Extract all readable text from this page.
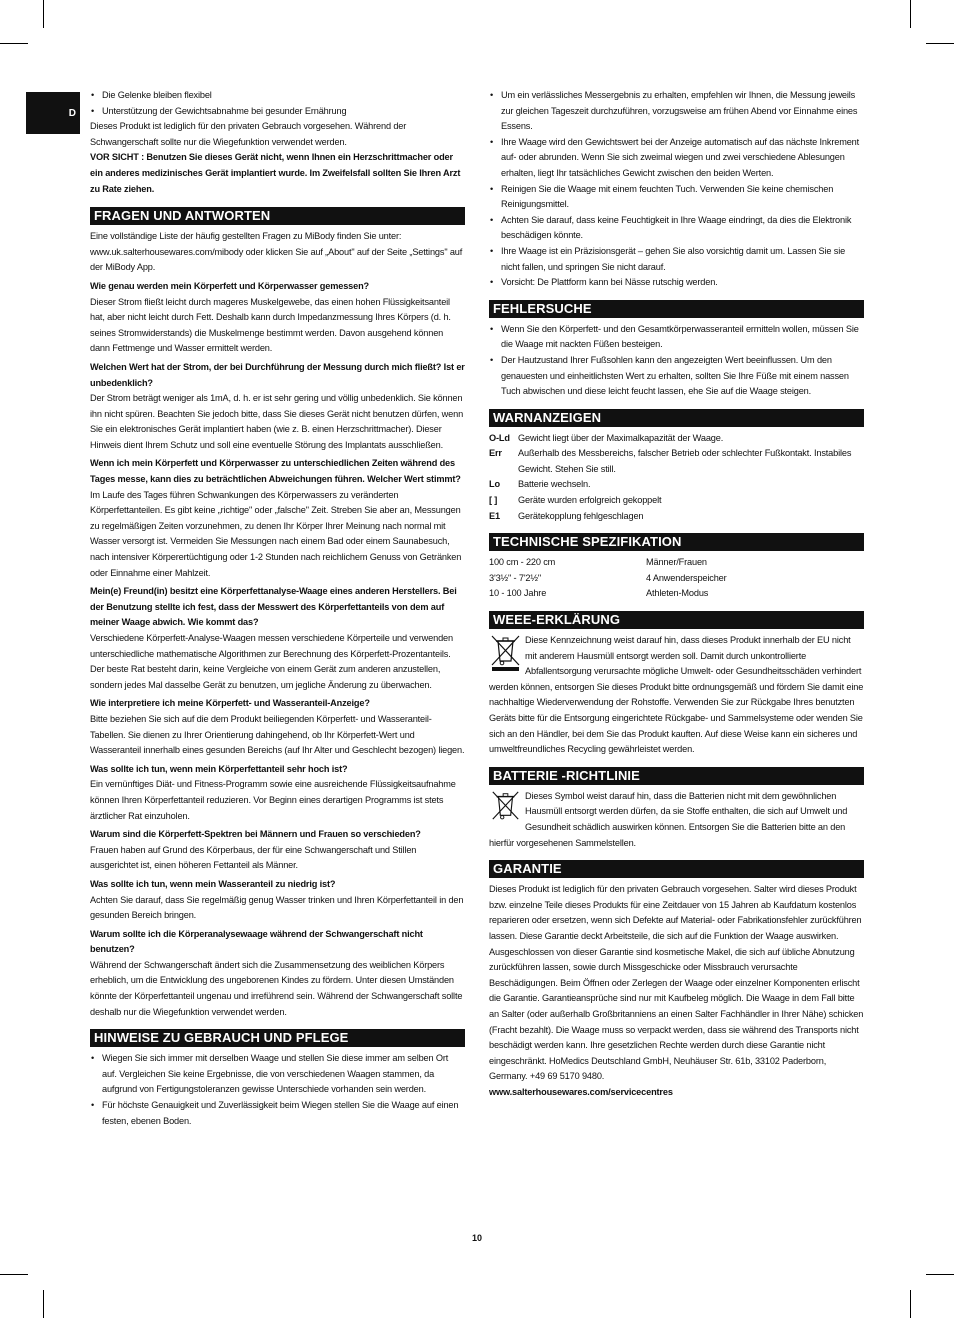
D
• Die Gelenke bleiben flexibel
• Unterstützung der Gewichtsabnahme bei gesunder Ernährung

Dieses Produkt ist lediglich für den privaten Gebrauch vorgesehen. Während der Schwangerschaft sollte nur die Wiegefunktion verwendet werden.

VOR SICHT : Benutzen Sie dieses Gerät nicht, wenn Ihnen ein Herzschrittmacher oder ein anderes medizinisches Gerät implantiert wurde. Im Zweifelsfall sollten Sie Ihren Arzt zu Rate ziehen.

FRAGEN UND ANTWORTEN

Eine vollständige Liste der häufig gestellten Fragen zu MiBody finden Sie unter: www.uk.salterhousewares.com/mibody oder klicken Sie auf „About" auf der Seite „Settings" auf der MiBody App.

Wie genau werden mein Körperfett und Körperwasser gemessen?

Dieser Strom fließt leicht durch mageres Muskelgewebe, das einen hohen Flüssigkeitsanteil hat, aber nicht leicht durch Fett. Deshalb kann durch Impedanzmessung Ihres Körpers (d. h. seines Stromwiderstands) die Muskelmenge bestimmt werden. Davon ausgehend können dann Fettmenge und Wasser ermittelt werden.

Welchen Wert hat der Strom, der bei Durchführung der Messung durch mich fließt? Ist er unbedenklich?

Der Strom beträgt weniger als 1mA, d. h. er ist sehr gering und völlig unbedenklich. Sie können ihn nicht spüren. Beachten Sie jedoch bitte, dass Sie dieses Gerät nicht benutzen dürfen, wenn Sie ein elektronisches Gerät implantiert haben (wie z. B. einen Herzschrittmacher). Dieser Hinweis dient Ihrem Schutz und soll eine eventuelle Störung des Implantats ausschließen.

Wenn ich mein Körperfett und Körperwasser zu unterschiedlichen Zeiten während des Tages messe, kann dies zu beträchtlichen Abweichungen führen. Welcher Wert stimmt?

Im Laufe des Tages führen Schwankungen des Körperwassers zu veränderten Körperfettanteilen. Es gibt keine „richtige" oder „falsche" Zeit. Streben Sie aber an, Messungen zu regelmäßigen Zeiten vorzunehmen, zu denen Ihr Körper Ihrer Meinung nach normal mit Wasser versorgt ist. Vermeiden Sie Messungen nach einem Bad oder einem Saunabesuch, nach intensiver Körperertüchtigung oder 1-2 Stunden nach reichlichem Genuss von Getränken oder Einnahme einer Mahlzeit.

Mein(e) Freund(in) besitzt eine Körperfettanalyse-Waage eines anderen Herstellers. Bei der Benutzung stellte ich fest, dass der Messwert des Körperfettanteils von dem auf meiner Waage abwich. Wie kommt das?

Verschiedene Körperfett-Analyse-Waagen messen verschiedene Körperteile und verwenden unterschiedliche mathematische Algorithmen zur Berechnung des Körperfett-Prozentanteils. Der beste Rat besteht darin, keine Vergleiche von einem Gerät zum anderen anzustellen, sondern jedes Mal dasselbe Gerät zu benutzen, um jegliche Änderung zu überwachen.

Wie interpretiere ich meine Körperfett- und Wasseranteil-Anzeige?

Bitte beziehen Sie sich auf die dem Produkt beiliegenden Körperfett- und Wasseranteil-Tabellen. Sie dienen zu Ihrer Orientierung dahingehend, ob Ihr Körperfett-Wert und Wasseranteil innerhalb eines gesunden Bereichs (auf Ihr Alter und Geschlecht bezogen) liegen.

Was sollte ich tun, wenn mein Körperfettanteil sehr hoch ist?

Ein vernünftiges Diät- und Fitness-Programm sowie eine ausreichende Flüssigkeitsaufnahme können Ihren Körperfettanteil reduzieren. Vor Beginn eines derartigen Programms ist stets ärztlicher Rat einzuholen.

Warum sind die Körperfett-Spektren bei Männern und Frauen so verschieden?

Frauen haben auf Grund des Körperbaus, der für eine Schwangerschaft und Stillen ausgerichtet ist, einen höheren Fettanteil als Männer.

Was sollte ich tun, wenn mein Wasseranteil zu niedrig ist?

Achten Sie darauf, dass Sie regelmäßig genug Wasser trinken und Ihren Körperfettanteil in den gesunden Bereich bringen.

Warum sollte ich die Körperanalysewaage während der Schwangerschaft nicht benutzen?

Während der Schwangerschaft ändert sich die Zusammensetzung des weiblichen Körpers erheblich, um die Entwicklung des ungeborenen Kindes zu fördern. Unter diesen Umständen könnte der Körperfettanteil ungenau und irreführend sein. Während der Schwangerschaft sollte deshalb nur die Wiegefunktion verwendet werden.

HINWEISE ZU GEBRAUCH UND PFLEGE
• Wiegen Sie sich immer mit derselben Waage und stellen Sie diese immer am selben Ort auf. Vergleichen Sie keine Ergebnisse, die von verschiedenen Waagen stammen, da aufgrund von Fertigungstoleranzen gewisse Unterschiede vorhanden sein werden.
• Für höchste Genauigkeit und Zuverlässigkeit beim Wiegen stellen Sie die Waage auf einen festen, ebenen Boden.
• Um ein verlässliches Messergebnis zu erhalten, empfehlen wir Ihnen, die Messung jeweils zur gleichen Tageszeit durchzuführen, vorzugsweise am frühen Abend vor Einnahme eines Essens.
• Ihre Waage wird den Gewichtswert bei der Anzeige automatisch auf das nächste Inkrement auf- oder abrunden. Wenn Sie sich zweimal wiegen und zwei verschiedene Ablesungen erhalten, liegt Ihr tatsächliches Gewicht zwischen den beiden Werten.
• Reinigen Sie die Waage mit einem feuchten Tuch. Verwenden Sie keine chemischen Reinigungsmittel.
• Achten Sie darauf, dass keine Feuchtigkeit in Ihre Waage eindringt, da dies die Elektronik beschädigen könnte.
• Ihre Waage ist ein Präzisionsgerät – gehen Sie also vorsichtig damit um. Lassen Sie sie nicht fallen, und springen Sie nicht darauf.
• Vorsicht: De Plattform kann bei Nässe rutschig werden.
FEHLERSUCHE
• Wenn Sie den Körperfett- und den Gesamtkörperwasseranteil ermitteln wollen, müssen Sie die Waage mit nackten Füßen besteigen.
• Der Hautzustand Ihrer Fußsohlen kann den angezeigten Wert beeinflussen. Um den genauesten und einheitlichsten Wert zu erhalten, sollten Sie Ihre Füße mit einem nassen Tuch abwischen und diese leicht feucht lassen, ehe Sie auf die Waage steigen.
WARNANZEIGEN
O-Ld Gewicht liegt über der Maximalkapazität der Waage.
Err	Außerhalb des Messbereichs, falscher Betrieb oder schlechter Fußkontakt. Instabiles Gewicht. Stehen Sie still.
Lo	Batterie wechseln.
[ ]	Geräte wurden erfolgreich gekoppelt
E1	Gerätekopplung fehlgeschlagen
TECHNISCHE SPEZIFIKATION
100 cm - 220 cm	Männer/Frauen
3'3½" - 7'2½"	4 Anwenderspeicher
10 - 100 Jahre	Athleten-Modus
WEEE-ERKLÄRUNG

Diese Kennzeichnung weist darauf hin, dass dieses Produkt innerhalb der EU nicht mit anderem Hausmüll entsorgt werden soll. Damit durch unkontrollierte Abfallentsorgung verursachte mögliche Umwelt- oder Gesundheitsschäden verhindert werden können, entsorgen Sie dieses Produkt bitte ordnungsgemäß und fördern Sie damit eine nachhaltige Wiederverwendung der Rohstoffe. Verwenden Sie zur Rückgabe Ihres benutzten Geräts bitte für die Entsorgung eingerichtete Rückgabe- und Sammelsysteme oder wenden Sie sich an den Händler, bei dem Sie das Produkt kauften. Auf diese Weise kann ein sicheres und umweltfreundliches Recycling gewährleistet werden.

BATTERIE -RICHTLINIE

Dieses Symbol weist darauf hin, dass die Batterien nicht mit dem gewöhnlichen Hausmüll entsorgt werden dürfen, da sie Stoffe enthalten, die sich auf Umwelt und Gesundheit schädlich auswirken können. Entsorgen Sie die Batterien bitte an den hierfür vorgesehenen Sammelstellen.

GARANTIE

Dieses Produkt ist lediglich für den privaten Gebrauch vorgesehen. Salter wird dieses Produkt bzw. einzelne Teile dieses Produkts für eine Zeitdauer von 15 Jahren ab Kaufdatum kostenlos reparieren oder ersetzen, wenn sich Defekte auf Material- oder Fabrikationsfehler zurückführen lassen. Diese Garantie deckt Arbeitsteile, die sich auf die Funktion der Waage auswirken. Ausgeschlossen von dieser Garantie sind kosmetische Makel, die sich auf übliche Abnutzung zurückführen lassen, sowie durch Missgeschicke oder Missbrauch verursachte Beschädigungen. Beim Öffnen oder Zerlegen der Waage oder einzelner Komponenten erlischt die Garantie. Garantieansprüche sind nur mit Kaufbeleg möglich. Die Waage in dem Fall bitte an Salter (oder außerhalb Großbritanniens an einen Salter Fachhändler in Ihrer Nähe) schicken (Fracht bezahlt). Die Waage muss so verpackt werden, dass sie während des Transports nicht beschädigt werden kann. Ihre gesetzlichen Rechte werden durch diese Garantie nicht eingeschränkt. HoMedics Deutschland GmbH, Neuhäuser Str. 61b, 33102 Paderborn, Germany. +49 69 5170 9480.

www.salterhousewares.com/servicecentres

10
